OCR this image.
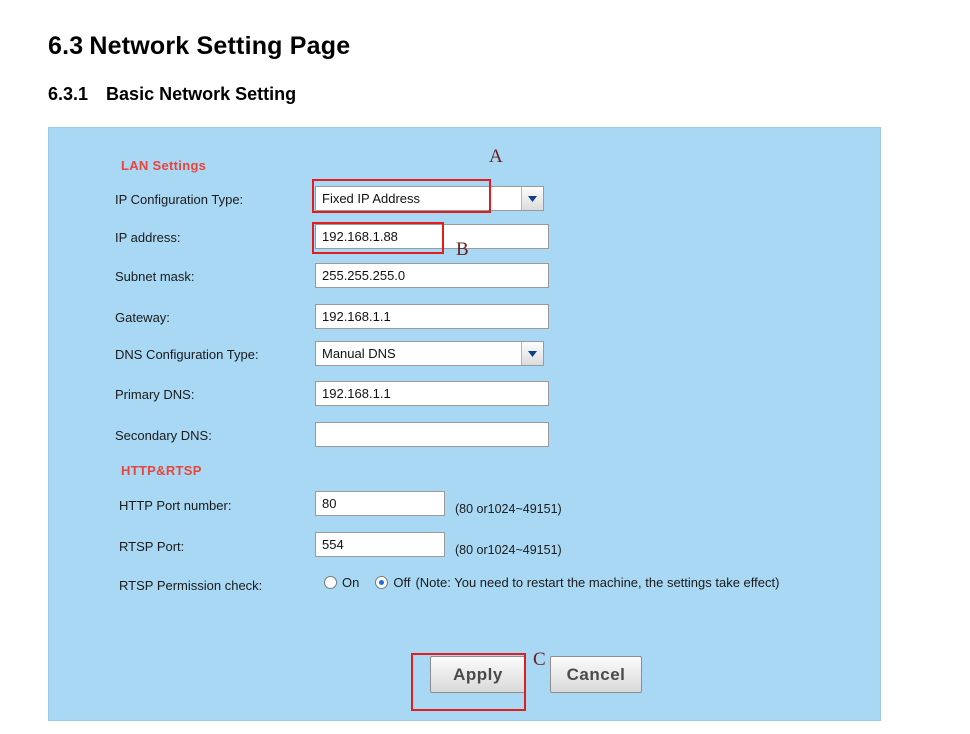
6.3 Network Setting Page
6.3.1 Basic Network Setting
LAN Settings
IP Configuration Type:	Fixed IP Address
IP address:
192.168.1.88
Subnet mask:
255.255.255.0
Gateway:
192.168.1.1
DNS Configuration Type:	Manual DNS
Primary DNS:
192.168.1.1
Secondary DNS:
HTTP&RTSP
HTTP Port number:
80	(80 or1024~49151)
RTSP Port:
554	(80 or1024~49151)
RTSP Permission check:	On	Off (Note: You need to restart the machine, the settings take effect)
Apply	Cancel
A
B
C
